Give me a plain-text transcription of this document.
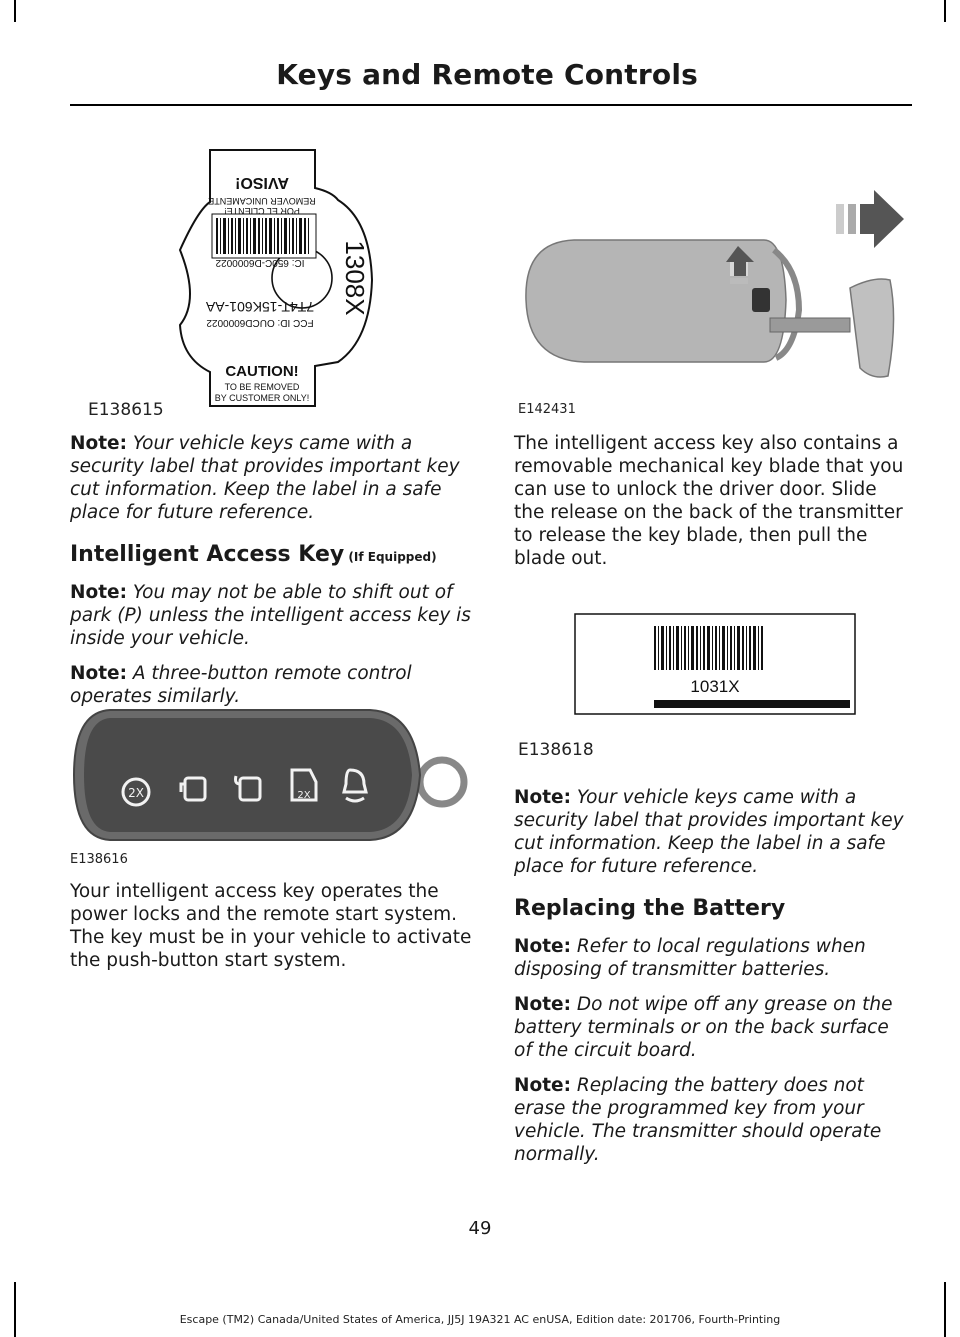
Keys and Remote Controls
REMOVER UNICAMENTE
POR EL CLIENTE!
AVISO!
IC: 650C-D6000022
FCC ID: OUCD6000022
7T4T-15K601-AA 1308X
CAUTION!
TO BE REMOVED
BY CUSTOMER ONLY!
E138615	E142431

Note: Your vehicle keys came with a security label that provides important key cut information. Keep the label in a safe place for future reference.

Intelligent Access Key (If Equipped)

Note: You may not be able to shift out of park (P) unless the intelligent access key is inside your vehicle.

Note: A three-button remote control operates similarly.

2X	2X
E138616

Your intelligent access key operates the power locks and the remote start system. The key must be in your vehicle to activate the push-button start system.

The intelligent access key also contains a removable mechanical key blade that you can use to unlock the driver door. Slide the release on the back of the transmitter to release the key blade, then pull the blade out.

1031X
E138618

Note: Your vehicle keys came with a security label that provides important key cut information. Keep the label in a safe place for future reference.

Replacing the Battery

Note: Refer to local regulations when disposing of transmitter batteries.

Note: Do not wipe off any grease on the battery terminals or on the back surface of the circuit board.

Note: Replacing the battery does not erase the programmed key from your vehicle. The transmitter should operate normally.

49
Escape (TM2) Canada/United States of America, JJ5J 19A321 AC enUSA, Edition date: 201706, Fourth-Printing
